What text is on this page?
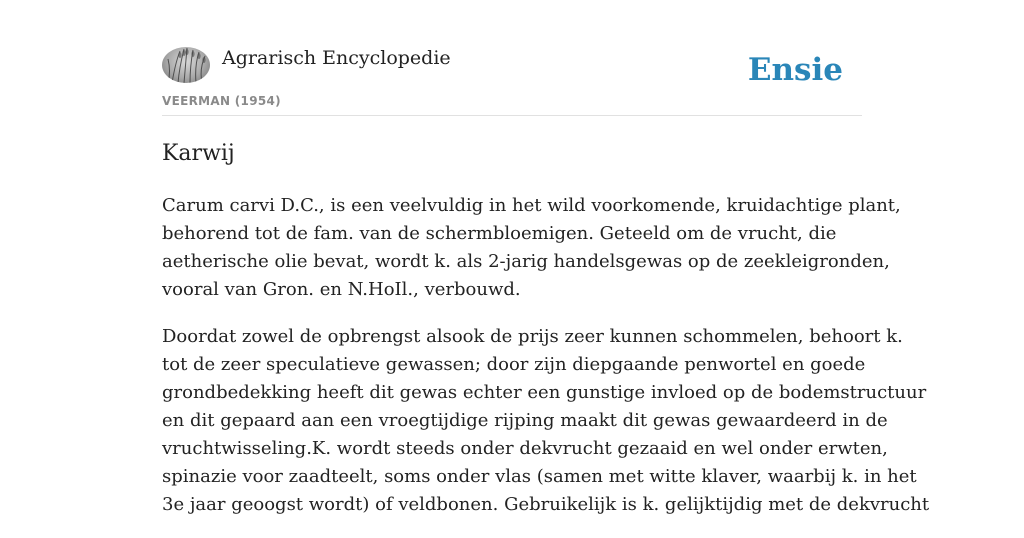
Agrarisch Encyclopedie
VEERMAN (1954)
Ensie
Karwij

Carum carvi D.C., is een veelvuldig in het wild voorkomende, kruidachtige plant,
behorend tot de fam. van de schermbloemigen. Geteeld om de vrucht, die
aetherische olie bevat, wordt k. als 2-jarig handelsgewas op de zeekleigronden,
vooral van Gron. en N.HoIl., verbouwd.

Doordat zowel de opbrengst alsook de prijs zeer kunnen schommelen, behoort k.
tot de zeer speculatieve gewassen; door zijn diepgaande penwortel en goede
grondbedekking heeft dit gewas echter een gunstige invloed op de bodemstructuur
en dit gepaard aan een vroegtijdige rijping maakt dit gewas gewaardeerd in de
vruchtwisseling.K. wordt steeds onder dekvrucht gezaaid en wel onder erwten,
spinazie voor zaadteelt, soms onder vlas (samen met witte klaver, waarbij k. in het
3e jaar geoogst wordt) of veldbonen. Gebruikelijk is k. gelijktijdig met de dekvrucht
